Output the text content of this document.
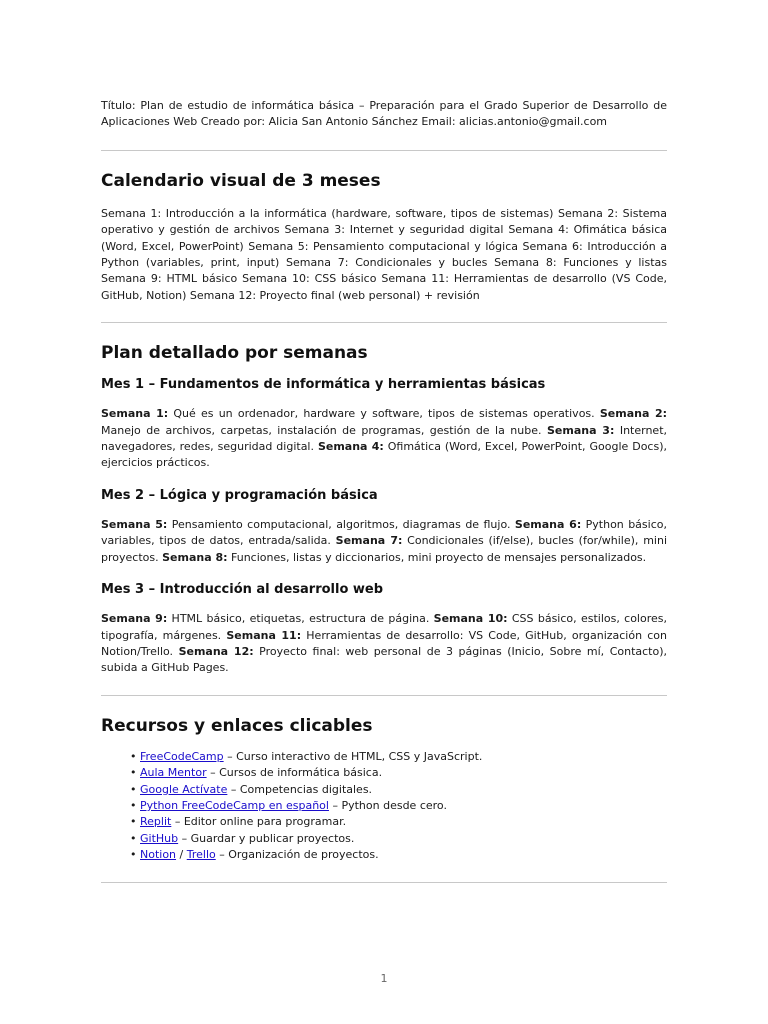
Título: Plan de estudio de informática básica – Preparación para el Grado Superior de Desarrollo de Aplicaciones Web Creado por: Alicia San Antonio Sánchez Email: alicias.antonio@gmail.com

Calendario visual de 3 meses

Semana 1: Introducción a la informática (hardware, software, tipos de sistemas) Semana 2: Sistema operativo y gestión de archivos Semana 3: Internet y seguridad digital Semana 4: Ofimática básica (Word, Excel, PowerPoint) Semana 5: Pensamiento computacional y lógica Semana 6: Introducción a Python (variables, print, input) Semana 7: Condicionales y bucles Semana 8: Funciones y listas Semana 9: HTML básico Semana 10: CSS básico Semana 11: Herramientas de desarrollo (VS Code, GitHub, Notion) Semana 12: Proyecto final (web personal) + revisión

Plan detallado por semanas
Mes 1 – Fundamentos de informática y herramientas básicas

Semana 1: Qué es un ordenador, hardware y software, tipos de sistemas operativos. Semana 2: Manejo de archivos, carpetas, instalación de programas, gestión de la nube. Semana 3: Internet, navegadores, redes, seguridad digital. Semana 4: Ofimática (Word, Excel, PowerPoint, Google Docs), ejercicios prácticos.

Mes 2 – Lógica y programación básica

Semana 5: Pensamiento computacional, algoritmos, diagramas de flujo. Semana 6: Python básico, variables, tipos de datos, entrada/salida. Semana 7: Condicionales (if/else), bucles (for/while), mini proyectos. Semana 8: Funciones, listas y diccionarios, mini proyecto de mensajes personalizados.

Mes 3 – Introducción al desarrollo web

Semana 9: HTML básico, etiquetas, estructura de página. Semana 10: CSS básico, estilos, colores, tipografía, márgenes. Semana 11: Herramientas de desarrollo: VS Code, GitHub, organización con Notion/Trello. Semana 12: Proyecto final: web personal de 3 páginas (Inicio, Sobre mí, Contacto), subida a GitHub Pages.

Recursos y enlaces clicables
• FreeCodeCamp – Curso interactivo de HTML, CSS y JavaScript.
• Aula Mentor – Cursos de informática básica.
• Google Actívate – Competencias digitales.
• Python FreeCodeCamp en español – Python desde cero.
• Replit – Editor online para programar.
• GitHub – Guardar y publicar proyectos.
• Notion / Trello – Organización de proyectos.
1
